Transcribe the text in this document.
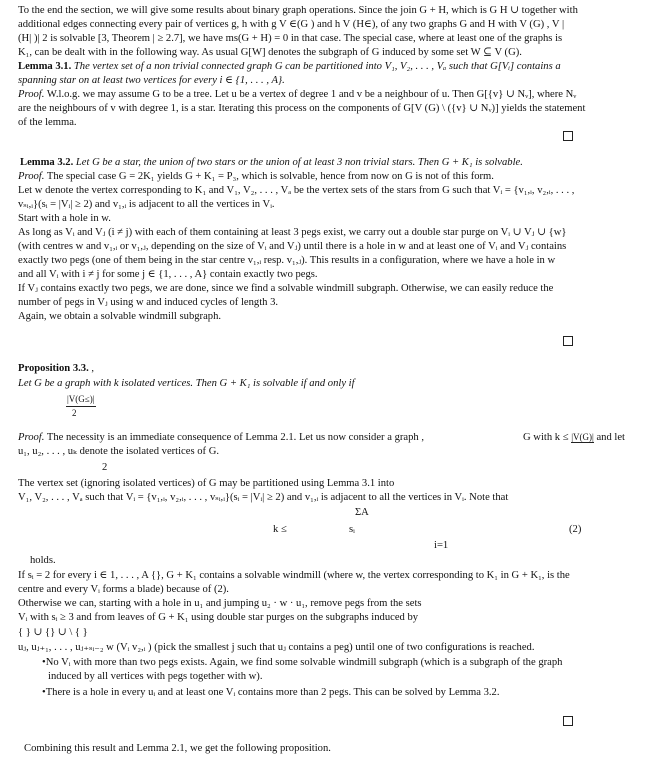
To the end the section, we will give some results about binary graph operations. Since the join G + H, which is G H ∪ together with
additional edges connecting every pair of vertices g, h with g V ∈(G ) and h V (H∈), of any two graphs G and H with V (G) , V |
(H| )| 2 is solvable [3, Theorem | ≥ 2.7], we have ms(G + H) = 0 in that case. The special case, where at least one of the graphs is
K₁, can be dealt with in the following way. As usual G[W] denotes the subgraph of G induced by some set W ⊆ V (G).
Lemma 3.1. The vertex set of a non trivial connected graph G can be partitioned into V₁, V₂, . . . , Vₐ such that G[Vᵢ] contains a
spanning star on at least two vertices for every i ∈ {1, . . . , A}.
Proof. W.l.o.g. we may assume G to be a tree. Let u be a vertex of degree 1 and v be a neighbour of u. Then G[{v} ∪ Nᵥ], where Nᵥ
are the neighbours of v with degree 1, is a star. Iterating this process on the components of G[V (G) \ ({v} ∪ Nᵥ)] yields the statement
of the lemma.
Lemma 3.2. Let G be a star, the union of two stars or the union of at least 3 non trivial stars. Then G + K₁ is solvable.
Proof. The special case G = 2K₁ yields G + K₁ = P₃, which is solvable, hence from now on G is not of this form.
Let w denote the vertex corresponding to K₁ and V₁, V₂, . . . , Vₐ be the vertex sets of the stars from G such that Vᵢ = {v₁,ᵢ, v₂,ᵢ, . . . ,
vₛᵢ,ᵢ}(sᵢ = |Vᵢ| ≥ 2) and v₁,ᵢ is adjacent to all the vertices in Vᵢ.
Start with a hole in w.
As long as Vᵢ and Vⱼ (i ≠ j) with each of them containing at least 3 pegs exist, we carry out a double star purge on Vᵢ ∪ Vⱼ ∪ {w}
(with centres w and v₁,ᵢ or v₁,ⱼ, depending on the size of Vᵢ and Vⱼ) until there is a hole in w and at least one of Vᵢ and Vⱼ contains
exactly two pegs (one of them being in the star centre v₁,ᵢ resp. v₁,ⱼ). This results in a configuration, where we have a hole in w
and all Vᵢ with i ≠ j for some j ∈ {1, . . . , A} contain exactly two pegs.
If Vⱼ contains exactly two pegs, we are done, since we find a solvable windmill subgraph. Otherwise, we can easily reduce the
number of pegs in Vⱼ using w and induced cycles of length 3.
Again, we obtain a solvable windmill subgraph.
Proposition 3.3. ,
Let G be a graph with k isolated vertices. Then G + K₁ is solvable if and only if
|V(G≤)|
2
Proof. The necessity is an immediate consequence of Lemma 2.1. Let us now consider a graph ,	G with k ≤ |V(G)| and let
u₁, u₂, . . . , uₖ denote the isolated vertices of G.
2
The vertex set (ignoring isolated vertices) of G may be partitioned using Lemma 3.1 into
V₁, V₂, . . . , Vₐ such that Vᵢ = {v₁,ᵢ, v₂,ᵢ, . . . , vₛᵢ,ᵢ}(sᵢ = |Vᵢ| ≥ 2) and v₁,ᵢ is adjacent to all the vertices in Vᵢ. Note that
ΣA
k ≤	sᵢ	(2)
i=1
holds.
If sᵢ = 2 for every i ∈ 1, . . . , A {}, G + K₁ contains a solvable windmill (where w, the vertex corresponding to K₁ in G + K₁, is the
centre and every Vᵢ forms a blade) because of (2).
Otherwise we can, starting with a hole in u₁ and jumping u₂ · w · u₁, remove pegs from the sets
Vᵢ with sᵢ ≥ 3 and from leaves of G + K₁ using double star purges on the subgraphs induced by
{ } ∪ {} ∪ \ { }
uⱼ, uⱼ₊₁, . . . , uⱼ₊ₛᵢ₋₂ w (Vᵢ v₂,ᵢ ) (pick the smallest j such that uⱼ contains a peg) until one of two configurations is reached.
•No Vᵢ with more than two pegs exists. Again, we find some solvable windmill subgraph (which is a subgraph of the graph
induced by all vertices with pegs together with w).
•There is a hole in every uᵢ and at least one Vᵢ contains more than 2 pegs. This can be solved by Lemma 3.2.
Combining this result and Lemma 2.1, we get the following proposition.
